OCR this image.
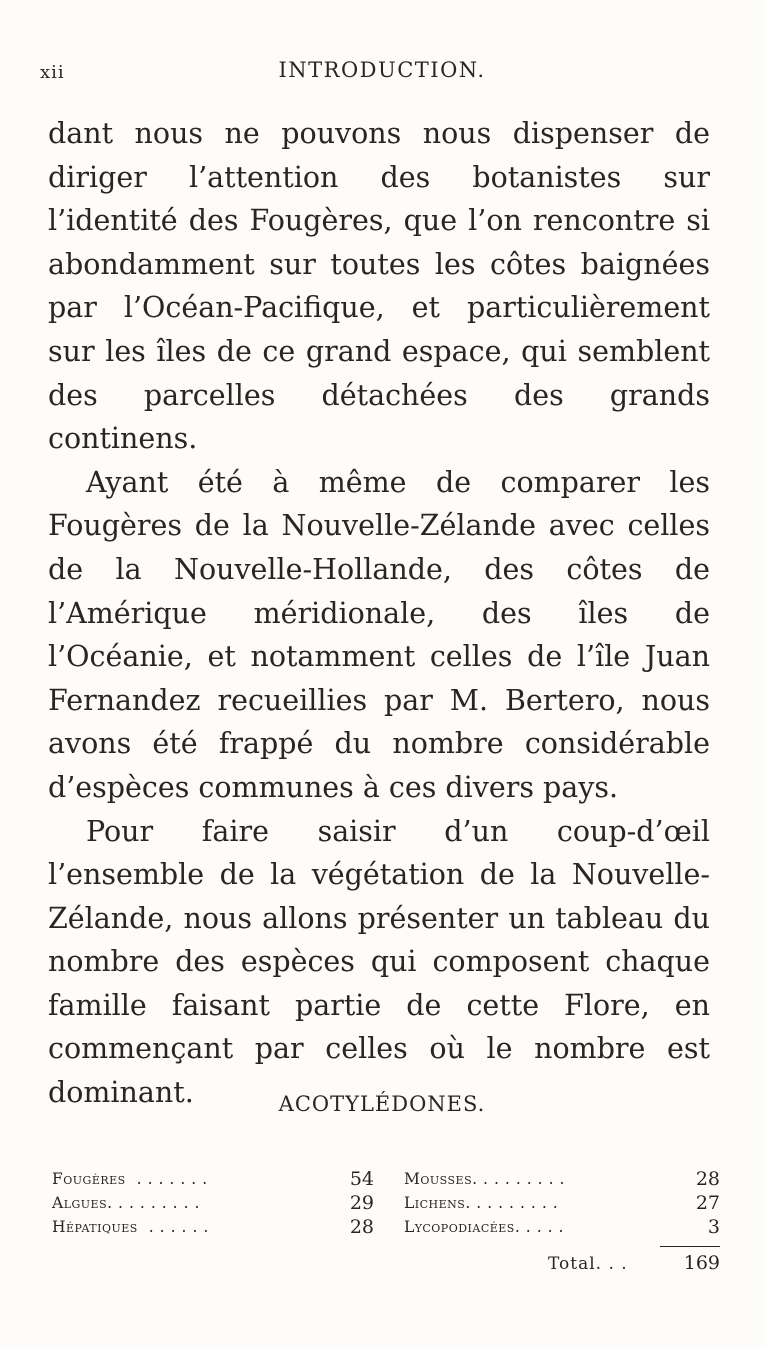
xii	INTRODUCTION.

dant nous ne pouvons nous dispenser de diriger l’attention des botanistes sur l’identité des Fougères, que l’on rencontre si abondamment sur toutes les côtes baignées par l’Océan-Pacifique, et particulièrement sur les îles de ce grand espace, qui semblent des parcelles détachées des grands continens.

Ayant été à même de comparer les Fougères de la Nouvelle-Zélande avec celles de la Nouvelle-Hollande, des côtes de l’Amérique méridionale, des îles de l’Océanie, et notamment celles de l’île Juan Fernandez recueillies par M. Bertero, nous avons été frappé du nombre considérable d’espèces communes à ces divers pays.

Pour faire saisir d’un coup-d’œil l’ensemble de la végétation de la Nouvelle-Zélande, nous allons présenter un tableau du nombre des espèces qui composent chaque famille faisant partie de cette Flore, en commençant par celles où le nombre est dominant.	ACOTYLÉDONES.
Fougères .......	54 Mousses.........	28
Algues.........	29 Lichens.........	27
Hépatiques ......	28 Lycopodiacées.....	3
Total. . .	169
